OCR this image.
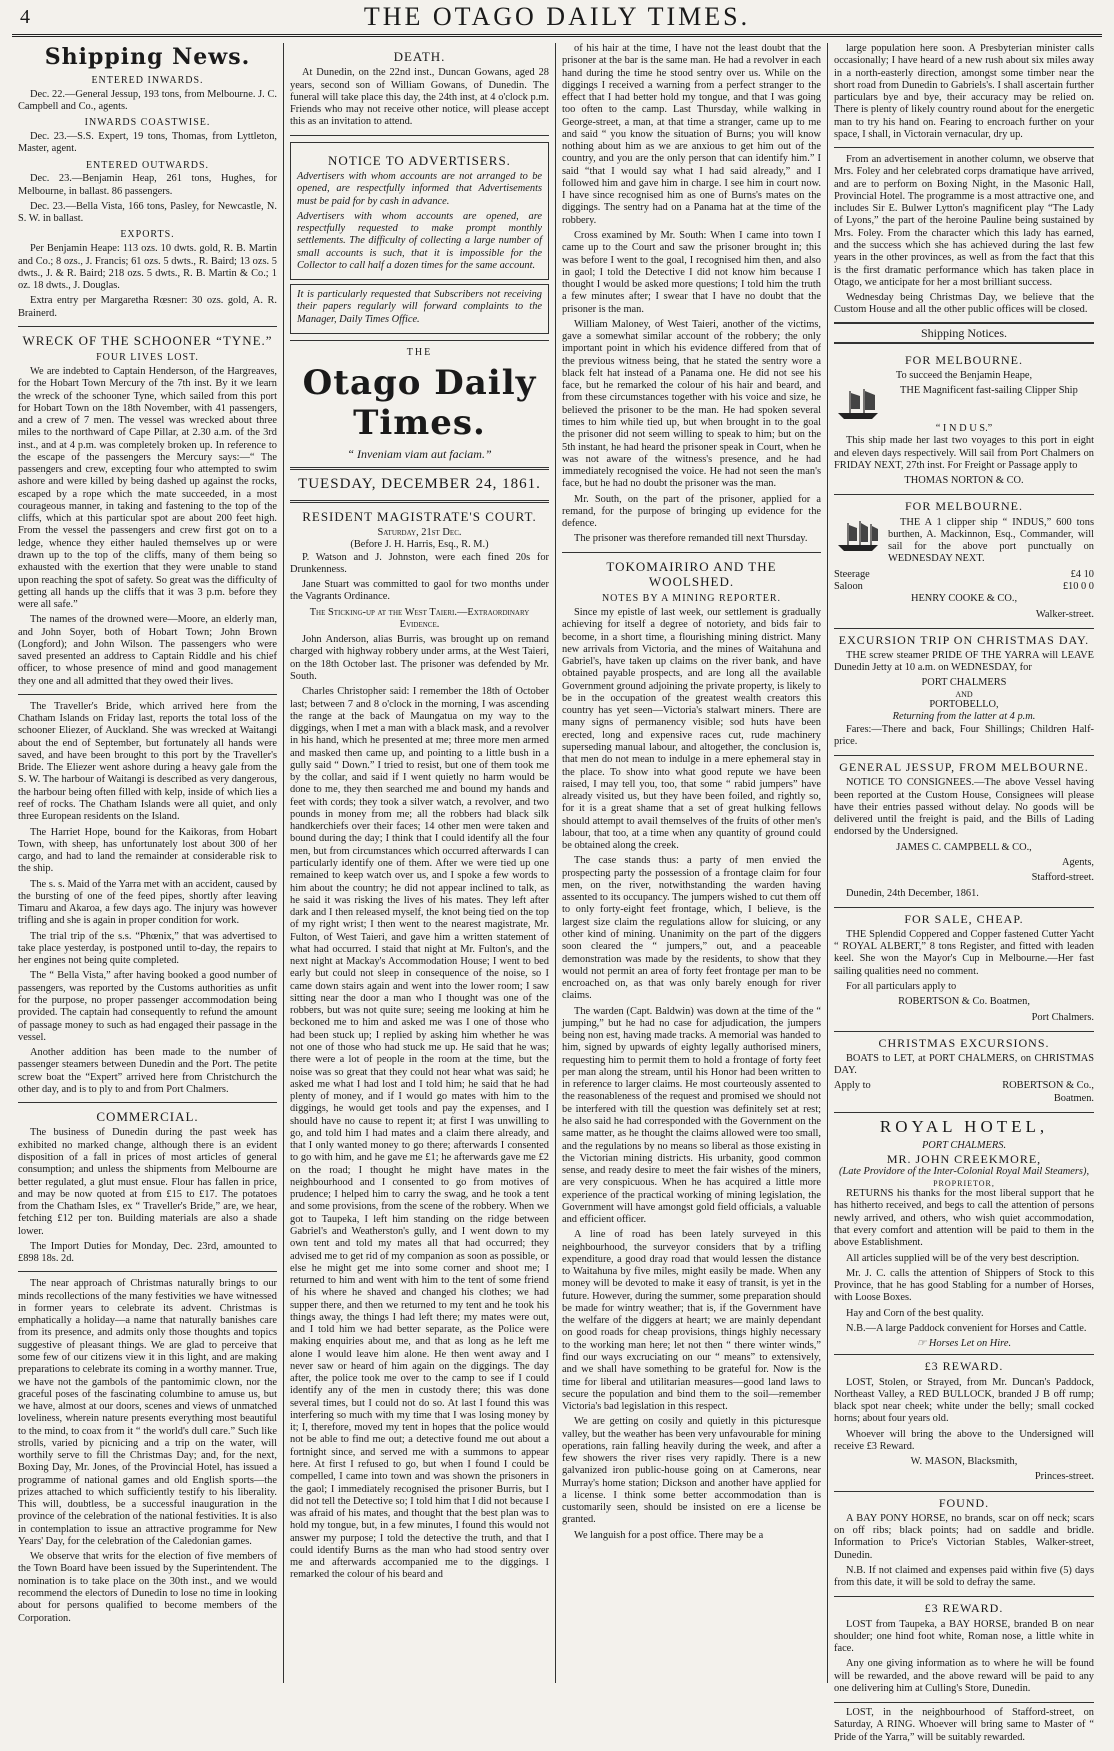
4	THE OTAGO DAILY TIMES.
Shipping News.
ENTERED INWARDS.

Dec. 22.—General Jessup, 193 tons, from Melbourne. J. C. Campbell and Co., agents.

INWARDS COASTWISE.

Dec. 23.—S.S. Expert, 19 tons, Thomas, from Lyttleton, Master, agent.

ENTERED OUTWARDS.

Dec. 23.—Benjamin Heap, 261 tons, Hughes, for Melbourne, in ballast. 86 passengers.

Dec. 23.—Bella Vista, 166 tons, Pasley, for Newcastle, N. S. W. in ballast.

EXPORTS.

Per Benjamin Heape: 113 ozs. 10 dwts. gold, R. B. Martin and Co.; 8 ozs., J. Francis; 61 ozs. 5 dwts., R. Baird; 13 ozs. 5 dwts., J. & R. Baird; 218 ozs. 5 dwts., R. B. Martin & Co.; 1 oz. 18 dwts., J. Douglas.

Extra entry per Margaretha Rœsner: 30 ozs. gold, A. R. Brainerd.

WRECK OF THE SCHOONER “TYNE.”
FOUR LIVES LOST.

We are indebted to Captain Henderson, of the Hargreaves, for the Hobart Town Mercury of the 7th inst. By it we learn the wreck of the schooner Tyne, which sailed from this port for Hobart Town on the 18th November, with 41 passengers, and a crew of 7 men. The vessel was wrecked about three miles to the northward of Cape Pillar, at 2.30 a.m. of the 3rd inst., and at 4 p.m. was completely broken up. In reference to the escape of the passengers the Mercury says:—“ The passengers and crew, excepting four who attempted to swim ashore and were killed by being dashed up against the rocks, escaped by a rope which the mate succeeded, in a most courageous manner, in taking and fastening to the top of the cliffs, which at this particular spot are about 200 feet high. From the vessel the passengers and crew first got on to a ledge, whence they either hauled themselves up or were drawn up to the top of the cliffs, many of them being so exhausted with the exertion that they were unable to stand upon reaching the spot of safety. So great was the difficulty of getting all hands up the cliffs that it was 3 p.m. before they were all safe.”

The names of the drowned were—Moore, an elderly man, and John Soyer, both of Hobart Town; John Brown (Longford); and John Wilson. The passengers who were saved presented an address to Captain Riddle and his chief officer, to whose presence of mind and good management they one and all admitted that they owed their lives.

The Traveller's Bride, which arrived here from the Chatham Islands on Friday last, reports the total loss of the schooner Eliezer, of Auckland. She was wrecked at Waitangi about the end of September, but fortunately all hands were saved, and have been brought to this port by the Traveller's Bride. The Eliezer went ashore during a heavy gale from the S. W. The harbour of Waitangi is described as very dangerous, the harbour being often filled with kelp, inside of which lies a reef of rocks. The Chatham Islands were all quiet, and only three European residents on the Island.

The Harriet Hope, bound for the Kaikoras, from Hobart Town, with sheep, has unfortunately lost about 300 of her cargo, and had to land the remainder at considerable risk to the ship.

The s. s. Maid of the Yarra met with an accident, caused by the bursting of one of the feed pipes, shortly after leaving Timaru and Akaroa, a few days ago. The injury was however trifling and she is again in proper condition for work.

The trial trip of the s.s. “Phœnix,” that was advertised to take place yesterday, is postponed until to-day, the repairs to her engines not being quite completed.

The “ Bella Vista,” after having booked a good number of passengers, was reported by the Customs authorities as unfit for the purpose, no proper passenger accommodation being provided. The captain had consequently to refund the amount of passage money to such as had engaged their passage in the vessel.

Another addition has been made to the number of passenger steamers between Dunedin and the Port. The petite screw boat the “Expert” arrived here from Christchurch the other day, and is to ply to and from Port Chalmers.

COMMERCIAL.

The business of Dunedin during the past week has exhibited no marked change, although there is an evident disposition of a fall in prices of most articles of general consumption; and unless the shipments from Melbourne are better regulated, a glut must ensue. Flour has fallen in price, and may be now quoted at from £15 to £17. The potatoes from the Chatham Isles, ex “ Traveller's Bride,” are, we hear, fetching £12 per ton. Building materials are also a shade lower.

The Import Duties for Monday, Dec. 23rd, amounted to £898 18s. 2d.

The near approach of Christmas naturally brings to our minds recollections of the many festivities we have witnessed in former years to celebrate its advent. Christmas is emphatically a holiday—a name that naturally banishes care from its presence, and admits only those thoughts and topics suggestive of pleasant things. We are glad to perceive that some few of our citizens view it in this light, and are making preparations to celebrate its coming in a worthy manner. True, we have not the gambols of the pantomimic clown, nor the graceful poses of the fascinating columbine to amuse us, but we have, almost at our doors, scenes and views of unmatched loveliness, wherein nature presents everything most beautiful to the mind, to coax from it “ the world's dull care.” Such like strolls, varied by picnicing and a trip on the water, will worthily serve to fill the Christmas Day; and, for the next, Boxing Day, Mr. Jones, of the Provincial Hotel, has issued a programme of national games and old English sports—the prizes attached to which sufficiently testify to his liberality. This will, doubtless, be a successful inauguration in the province of the celebration of the national festivities. It is also in contemplation to issue an attractive programme for New Years' Day, for the celebration of the Caledonian games.

We observe that writs for the election of five members of the Town Board have been issued by the Superintendent. The nomination is to take place on the 30th inst., and we would recommend the electors of Dunedin to lose no time in looking about for persons qualified to become members of the Corporation.

DEATH.

At Dunedin, on the 22nd inst., Duncan Gowans, aged 28 years, second son of William Gowans, of Dunedin. The funeral will take place this day, the 24th inst, at 4 o'clock p.m. Friends who may not receive other notice, will please accept this as an invitation to attend.

NOTICE TO ADVERTISERS.

Advertisers with whom accounts are not arranged to be opened, are respectfully informed that Advertisements must be paid for by cash in advance.

Advertisers with whom accounts are opened, are respectfully requested to make prompt monthly settlements. The difficulty of collecting a large number of small accounts is such, that it is impossible for the Collector to call half a dozen times for the same account.

It is particularly requested that Subscribers not receiving their papers regularly will forward complaints to the Manager, Daily Times Office.

THE
Otago Daily Times.
“ Inveniam viam aut faciam.”
TUESDAY, DECEMBER 24, 1861.
RESIDENT MAGISTRATE'S COURT.
Saturday, 21st Dec.
(Before J. H. Harris, Esq., R. M.)

P. Watson and J. Johnston, were each fined 20s for Drunkenness.

Jane Stuart was committed to gaol for two months under the Vagrants Ordinance.

The Sticking-up at the West Taieri.—Extraordinary Evidence.

John Anderson, alias Burris, was brought up on remand charged with highway robbery under arms, at the West Taieri, on the 18th October last. The prisoner was defended by Mr. South.

Charles Christopher said: I remember the 18th of October last; between 7 and 8 o'clock in the morning, I was ascending the range at the back of Maungatua on my way to the diggings, when I met a man with a black mask, and a revolver in his hand, which he presented at me; three more men armed and masked then came up, and pointing to a little bush in a gully said “ Down.” I tried to resist, but one of them took me by the collar, and said if I went quietly no harm would be done to me, they then searched me and bound my hands and feet with cords; they took a silver watch, a revolver, and two pounds in money from me; all the robbers had black silk handkerchiefs over their faces; 14 other men were taken and bound during the day; I think that I could identify all the four men, but from circumstances which occurred afterwards I can particularly identify one of them. After we were tied up one remained to keep watch over us, and I spoke a few words to him about the country; he did not appear inclined to talk, as he said it was risking the lives of his mates. They left after dark and I then released myself, the knot being tied on the top of my right wrist; I then went to the nearest magistrate, Mr. Fulton, of West Taieri, and gave him a written statement of what had occurred. I staid that night at Mr. Fulton's, and the next night at Mackay's Accommodation House; I went to bed early but could not sleep in consequence of the noise, so I came down stairs again and went into the lower room; I saw sitting near the door a man who I thought was one of the robbers, but was not quite sure; seeing me looking at him he beckoned me to him and asked me was I one of those who had been stuck up; I replied by asking him whether he was not one of those who had stuck me up. He said that he was; there were a lot of people in the room at the time, but the noise was so great that they could not hear what was said; he asked me what I had lost and I told him; he said that he had plenty of money, and if I would go mates with him to the diggings, he would get tools and pay the expenses, and I should have no cause to repent it; at first I was unwilling to go, and told him I had mates and a claim there already, and that I only wanted money to go there; afterwards I consented to go with him, and he gave me £1; he afterwards gave me £2 on the road; I thought he might have mates in the neighbourhood and I consented to go from motives of prudence; I helped him to carry the swag, and he took a tent and some provisions, from the scene of the robbery. When we got to Taupeka, I left him standing on the ridge between Gabriel's and Weatherston's gully, and I went down to my own tent and told my mates all that had occurred; they advised me to get rid of my companion as soon as possible, or else he might get me into some corner and shoot me; I returned to him and went with him to the tent of some friend of his where he shaved and changed his clothes; we had supper there, and then we returned to my tent and he took his things away, the things I had left there; my mates were out, and I told him we had better separate, as the Police were making enquiries about me, and that as long as he left me alone I would leave him alone. He then went away and I never saw or heard of him again on the diggings. The day after, the police took me over to the camp to see if I could identify any of the men in custody there; this was done several times, but I could not do so. At last I found this was interfering so much with my time that I was losing money by it; I, therefore, moved my tent in hopes that the police would not be able to find me out; a detective found me out about a fortnight since, and served me with a summons to appear here. At first I refused to go, but when I found I could be compelled, I came into town and was shown the prisoners in the gaol; I immediately recognised the prisoner Burris, but I did not tell the Detective so; I told him that I did not because I was afraid of his mates, and thought that the best plan was to hold my tongue, but, in a few minutes, I found this would not answer my purpose; I told the detective the truth, and that I could identify Burns as the man who had stood sentry over me and afterwards accompanied me to the diggings. I remarked the colour of his beard and

of his hair at the time, I have not the least doubt that the prisoner at the bar is the same man. He had a revolver in each hand during the time he stood sentry over us. While on the diggings I received a warning from a perfect stranger to the effect that I had better hold my tongue, and that I was going too often to the camp. Last Thursday, while walking in George-street, a man, at that time a stranger, came up to me and said “ you know the situation of Burns; you will know nothing about him as we are anxious to get him out of the country, and you are the only person that can identify him.” I said “that I would say what I had said already,” and I followed him and gave him in charge. I see him in court now. I have since recognised him as one of Burns's mates on the diggings. The sentry had on a Panama hat at the time of the robbery.

Cross examined by Mr. South: When I came into town I came up to the Court and saw the prisoner brought in; this was before I went to the goal, I recognised him then, and also in gaol; I told the Detective I did not know him because I thought I would be asked more questions; I told him the truth a few minutes after; I swear that I have no doubt that the prisoner is the man.

William Maloney, of West Taieri, another of the victims, gave a somewhat similar account of the robbery; the only important point in which his evidence differed from that of the previous witness being, that he stated the sentry wore a black felt hat instead of a Panama one. He did not see his face, but he remarked the colour of his hair and beard, and from these circumstances together with his voice and size, he believed the prisoner to be the man. He had spoken several times to him while tied up, but when brought in to the goal the prisoner did not seem willing to speak to him; but on the 5th instant, he had heard the prisoner speak in Court, when he was not aware of the witness's presence, and he had immediately recognised the voice. He had not seen the man's face, but he had no doubt the prisoner was the man.

Mr. South, on the part of the prisoner, applied for a remand, for the purpose of bringing up evidence for the defence.

The prisoner was therefore remanded till next Thursday.

TOKOMAIRIRO AND THE WOOLSHED.
NOTES BY A MINING REPORTER.

Since my epistle of last week, our settlement is gradually achieving for itself a degree of notoriety, and bids fair to become, in a short time, a flourishing mining district. Many new arrivals from Victoria, and the mines of Waitahuna and Gabriel's, have taken up claims on the river bank, and have obtained payable prospects, and are long all the available Government ground adjoining the private property, is likely to be in the occupation of the greatest wealth creators this country has yet seen—Victoria's stalwart miners. There are many signs of permanency visible; sod huts have been erected, long and expensive races cut, rude machinery superseding manual labour, and altogether, the conclusion is, that men do not mean to indulge in a mere ephemeral stay in the place. To show into what good repute we have been raised, I may tell you, too, that some “ rabid jumpers” have already visited us, but they have been foiled, and rightly so, for it is a great shame that a set of great hulking fellows should attempt to avail themselves of the fruits of other men's labour, that too, at a time when any quantity of ground could be obtained along the creek.

The case stands thus: a party of men envied the prospecting party the possession of a frontage claim for four men, on the river, notwithstanding the warden having assented to its occupancy. The jumpers wished to cut them off to only forty-eight feet frontage, which, I believe, is the largest size claim the regulations allow for sluicing, or any other kind of mining. Unanimity on the part of the diggers soon cleared the “ jumpers,” out, and a peaceable demonstration was made by the residents, to show that they would not permit an area of forty feet frontage per man to be encroached on, as that was only barely enough for river claims.

The warden (Capt. Baldwin) was down at the time of the “ jumping,” but he had no case for adjudication, the jumpers being non est, having made tracks. A memorial was handed to him, signed by upwards of eighty legally authorised miners, requesting him to permit them to hold a frontage of forty feet per man along the stream, until his Honor had been written to in reference to larger claims. He most courteously assented to the reasonableness of the request and promised we should not be interfered with till the question was definitely set at rest; he also said he had corresponded with the Government on the same matter, as he thought the claims allowed were too small, and the regulations by no means so liberal as those existing in the Victorian mining districts. His urbanity, good common sense, and ready desire to meet the fair wishes of the miners, are very conspicuous. When he has acquired a little more experience of the practical working of mining legislation, the Government will have amongst gold field officials, a valuable and efficient officer.

A line of road has been lately surveyed in this neighbourhood, the surveyor considers that by a trifling expenditure, a good dray road that would lessen the distance to Waitahuna by five miles, might easily be made. When any money will be devoted to make it easy of transit, is yet in the future. However, during the summer, some preparation should be made for wintry weather; that is, if the Government have the welfare of the diggers at heart; we are mainly dependant on good roads for cheap provisions, things highly necessary to the working man here; let not then “ there winter winds,” find our ways excruciating on our “ means” to extensively, and we shall have something to be grateful for. Now is the time for liberal and utilitarian measures—good land laws to secure the population and bind them to the soil—remember Victoria's bad legislation in this respect.

We are getting on cosily and quietly in this picturesque valley, but the weather has been very unfavourable for mining operations, rain falling heavily during the week, and after a few showers the river rises very rapidly. There is a new galvanized iron public-house going on at Camerons, near Murray's home station; Dickson and another have applied for a license. I think some better accommodation than is customarily seen, should be insisted on ere a license be granted.

We languish for a post office. There may be a

large population here soon. A Presbyterian minister calls occasionally; I have heard of a new rush about six miles away in a north-easterly direction, amongst some timber near the short road from Dunedin to Gabriels's. I shall ascertain further particulars bye and bye, their accuracy may be relied on. There is plenty of likely country round about for the energetic man to try his hand on. Fearing to encroach further on your space, I shall, in Victorain vernacular, dry up.

From an advertisement in another column, we observe that Mrs. Foley and her celebrated corps dramatique have arrived, and are to perform on Boxing Night, in the Masonic Hall, Provincial Hotel. The programme is a most attractive one, and includes Sir E. Bulwer Lytton's magnificent play “The Lady of Lyons,” the part of the heroine Pauline being sustained by Mrs. Foley. From the character which this lady has earned, and the success which she has achieved during the last few years in the other provinces, as well as from the fact that this is the first dramatic performance which has taken place in Otago, we anticipate for her a most brilliant success.

Wednesday being Christmas Day, we believe that the Custom House and all the other public offices will be closed.

Shipping Notices.
FOR MELBOURNE.

To succeed the Benjamin Heape,

THE Magnificent fast-sailing Clipper Ship

“ I N D U S.”

This ship made her last two voyages to this port in eight and eleven days respectively. Will sail from Port Chalmers on FRIDAY NEXT, 27th inst. For Freight or Passage apply to

THOMAS NORTON & CO.

FOR MELBOURNE.

THE A 1 clipper ship “ INDUS,” 600 tons burthen, A. Mackinnon, Esq., Commander, will sail for the above port punctually on WEDNESDAY NEXT.

Steerage	£4 10
Saloon	£10 0 0

HENRY COOKE & CO.,

Walker-street.

EXCURSION TRIP ON CHRISTMAS DAY.

THE screw steamer PRIDE OF THE YARRA will LEAVE Dunedin Jetty at 10 a.m. on WEDNESDAY, for

PORT CHALMERS
AND
PORTOBELLO,
Returning from the latter at 4 p.m.

Fares:—There and back, Four Shillings; Children Half-price.

GENERAL JESSUP, FROM MELBOURNE.

NOTICE TO CONSIGNEES.—The above Vessel having been reported at the Custom House, Consignees will please have their entries passed without delay. No goods will be delivered until the freight is paid, and the Bills of Lading endorsed by the Undersigned.

JAMES C. CAMPBELL & CO.,

Agents,

Stafford-street.

Dunedin, 24th December, 1861.

FOR SALE, CHEAP.

THE Splendid Coppered and Copper fastened Cutter Yacht “ ROYAL ALBERT,” 8 tons Register, and fitted with leaden keel. She won the Mayor's Cup in Melbourne.—Her fast sailing qualities need no comment.

For all particulars apply to

ROBERTSON & Co. Boatmen,

Port Chalmers.

CHRISTMAS EXCURSIONS.

BOATS to LET, at PORT CHALMERS, on CHRISTMAS DAY.

Apply to	ROBERTSON & Co.,

Boatmen.

ROYAL HOTEL,
PORT CHALMERS.
MR. JOHN CREEKMORE,
(Late Providore of the Inter-Colonial Royal Mail Steamers),
PROPRIETOR,

RETURNS his thanks for the most liberal support that he has hitherto received, and begs to call the attention of persons newly arrived, and others, who wish quiet accommodation, that every comfort and attention will be paid to them in the above Establishment.

All articles supplied will be of the very best description.

Mr. J. C. calls the attention of Shippers of Stock to this Province, that he has good Stabling for a number of Horses, with Loose Boxes.

Hay and Corn of the best quality.

N.B.—A large Paddock convenient for Horses and Cattle.

☞ Horses Let on Hire.
£3 REWARD.

LOST, Stolen, or Strayed, from Mr. Duncan's Paddock, Northeast Valley, a RED BULLOCK, branded J B off rump; black spot near cheek; white under the belly; small cocked horns; about four years old.

Whoever will bring the above to the Undersigned will receive £3 Reward.

W. MASON, Blacksmith,

Princes-street.

FOUND.

A BAY PONY HORSE, no brands, scar on off neck; scars on off ribs; black points; had on saddle and bridle. Information to Price's Victorian Stables, Walker-street, Dunedin.

N.B. If not claimed and expenses paid within five (5) days from this date, it will be sold to defray the same.

£3 REWARD.

LOST from Taupeka, a BAY HORSE, branded B on near shoulder; one hind foot white, Roman nose, a little white in face.

Any one giving information as to where he will be found will be rewarded, and the above reward will be paid to any one delivering him at Culling's Store, Dunedin.

LOST, in the neighbourhood of Stafford-street, on Saturday, A RING. Whoever will bring same to Master of “ Pride of the Yarra,” will be suitably rewarded.
